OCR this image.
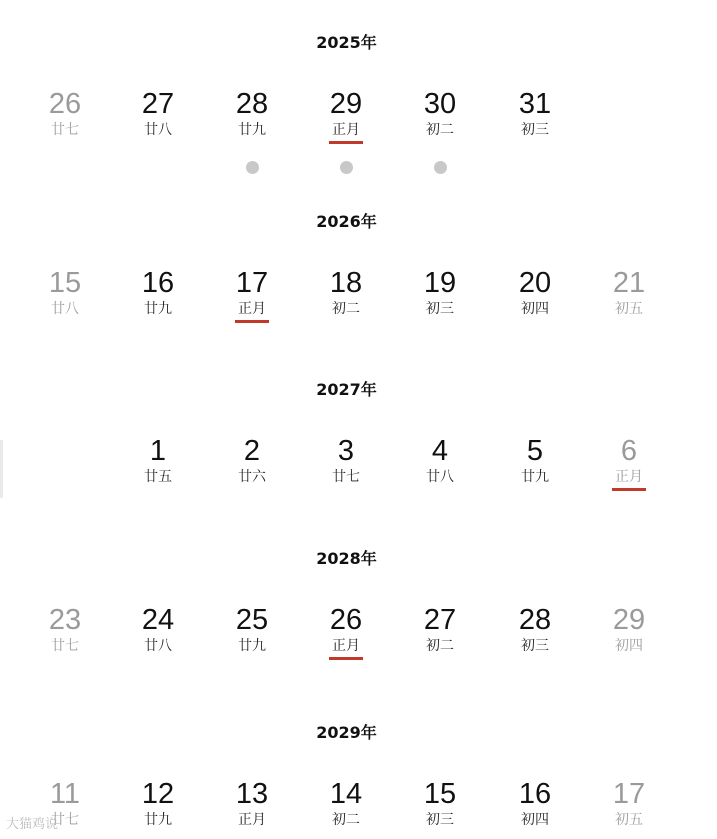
2025年
26
廿七
27
廿八
28
廿九
29
正月
30
初二
31
初三
2026年
15
廿八
16
廿九
17
正月
18
初二
19
初三
20
初四
21
初五
2027年
1
廿五
2
廿六
3
廿七
4
廿八
5
廿九
6
正月
2028年
23
廿七
24
廿八
25
廿九
26
正月
27
初二
28
初三
29
初四
2029年
11
廿七
12
廿九
13
正月
14
初二
15
初三
16
初四
17
初五
大猫鸡说
